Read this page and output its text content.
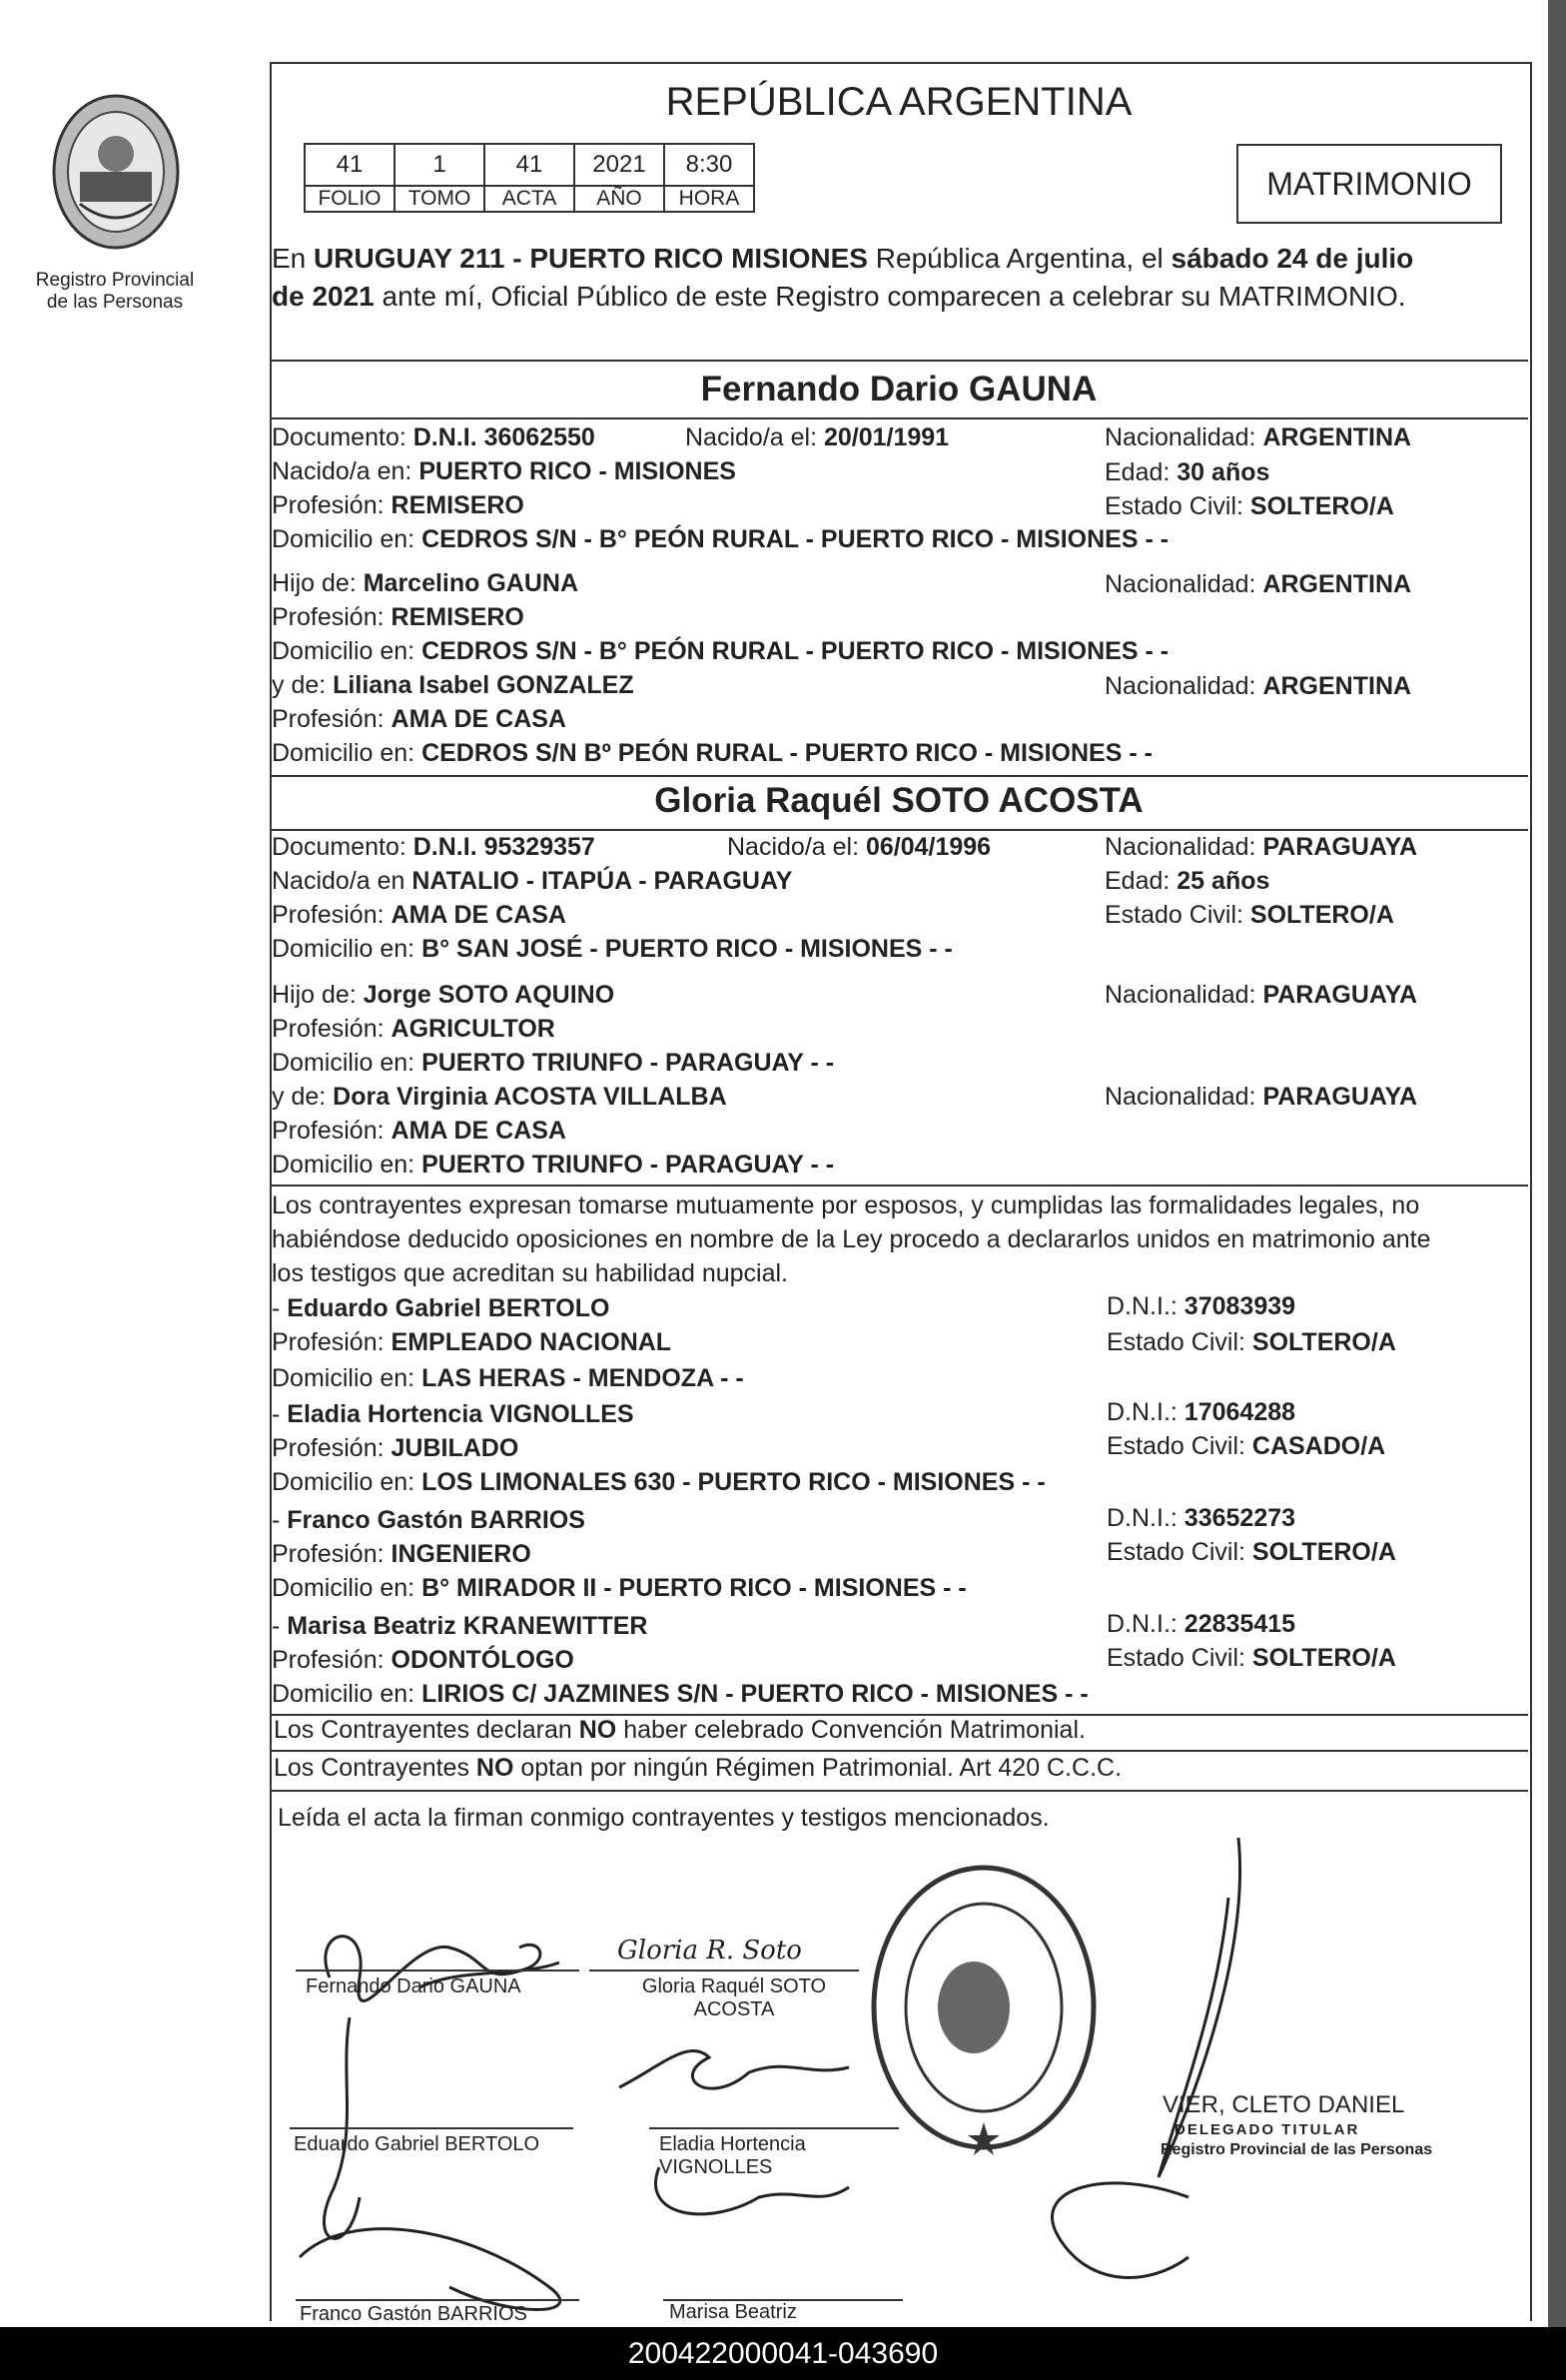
Registro Provincial
de las Personas
REPÚBLICA ARGENTINA
41	1	41	2021	8:30
FOLIO	TOMO	ACTA	AÑO	HORA	MATRIMONIO
En URUGUAY 211 - PUERTO RICO MISIONES República Argentina, el sábado 24 de julio
de 2021 ante mí, Oficial Público de este Registro comparecen a celebrar su MATRIMONIO.
Fernando Dario GAUNA
Documento: D.N.I. 36062550	Nacido/a el: 20/01/1991	Nacionalidad: ARGENTINA
Nacido/a en: PUERTO RICO - MISIONES	Edad: 30 años
Profesión: REMISERO	Estado Civil: SOLTERO/A
Domicilio en: CEDROS S/N - B° PEÓN RURAL - PUERTO RICO - MISIONES - -
Hijo de: Marcelino GAUNA	Nacionalidad: ARGENTINA
Profesión: REMISERO
Domicilio en: CEDROS S/N - B° PEÓN RURAL - PUERTO RICO - MISIONES - -
y de: Liliana Isabel GONZALEZ	Nacionalidad: ARGENTINA
Profesión: AMA DE CASA
Domicilio en: CEDROS S/N Bº PEÓN RURAL - PUERTO RICO - MISIONES - -
Gloria Raquél SOTO ACOSTA
Documento: D.N.I. 95329357	Nacido/a el: 06/04/1996	Nacionalidad: PARAGUAYA
Nacido/a en NATALIO - ITAPÚA - PARAGUAY	Edad: 25 años
Profesión: AMA DE CASA	Estado Civil: SOLTERO/A
Domicilio en: B° SAN JOSÉ - PUERTO RICO - MISIONES - -
Hijo de: Jorge SOTO AQUINO	Nacionalidad: PARAGUAYA
Profesión: AGRICULTOR
Domicilio en: PUERTO TRIUNFO - PARAGUAY - -
y de: Dora Virginia ACOSTA VILLALBA	Nacionalidad: PARAGUAYA
Profesión: AMA DE CASA
Domicilio en: PUERTO TRIUNFO - PARAGUAY - -
Los contrayentes expresan tomarse mutuamente por esposos, y cumplidas las formalidades legales, no
habiéndose deducido oposiciones en nombre de la Ley procedo a declararlos unidos en matrimonio ante
los testigos que acreditan su habilidad nupcial.
- Eduardo Gabriel BERTOLO	D.N.I.: 37083939
Profesión: EMPLEADO NACIONAL	Estado Civil: SOLTERO/A
Domicilio en: LAS HERAS - MENDOZA - -
- Eladia Hortencia VIGNOLLES	D.N.I.: 17064288
Profesión: JUBILADO	Estado Civil: CASADO/A
Domicilio en: LOS LIMONALES 630 - PUERTO RICO - MISIONES - -
- Franco Gastón BARRIOS	D.N.I.: 33652273
Profesión: INGENIERO	Estado Civil: SOLTERO/A
Domicilio en: B° MIRADOR II - PUERTO RICO - MISIONES - -
- Marisa Beatriz KRANEWITTER	D.N.I.: 22835415
Profesión: ODONTÓLOGO	Estado Civil: SOLTERO/A
Domicilio en: LIRIOS C/ JAZMINES S/N - PUERTO RICO - MISIONES - -
Los Contrayentes declaran NO haber celebrado Convención Matrimonial.
Los Contrayentes NO optan por ningún Régimen Patrimonial. Art 420 C.C.C.
Leída el acta la firman conmigo contrayentes y testigos mencionados.
Gloria R. Soto
Fernando Dario GAUNA	Gloria Raquél SOTO
ACOSTA
Eduardo Gabriel BERTOLO	Eladia Hortencia
VIGNOLLES
VIER, CLETO DANIEL
DELEGADO TITULAR
Registro Provincial de las Personas
Franco Gastón BARRIOS	Marisa Beatriz
200422000041-043690
